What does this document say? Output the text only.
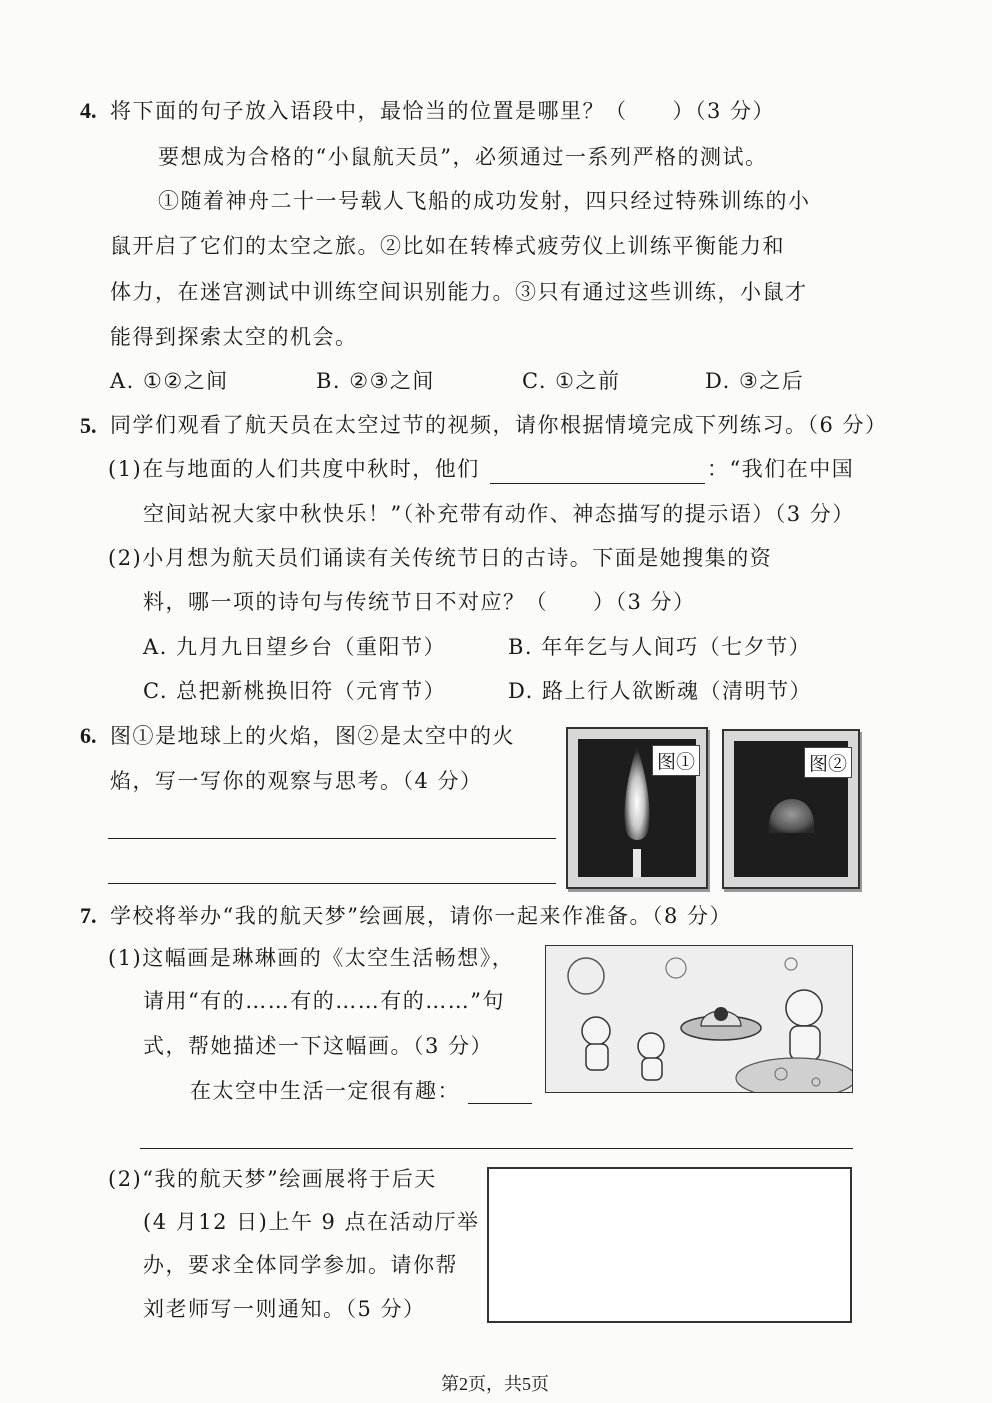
4. 将下面的句子放入语段中，最恰当的位置是哪里？（　　）（3 分）
要想成为合格的“小鼠航天员”，必须通过一系列严格的测试。
①随着神舟二十一号载人飞船的成功发射，四只经过特殊训练的小
鼠开启了它们的太空之旅。②比如在转棒式疲劳仪上训练平衡能力和
体力，在迷宫测试中训练空间识别能力。③只有通过这些训练，小鼠才
能得到探索太空的机会。
A. ①②之间	B. ②③之间	C. ①之前	D. ③之后
5. 同学们观看了航天员在太空过节的视频，请你根据情境完成下列练习。（6 分）
(1)在与地面的人们共度中秋时，他们	：“我们在中国
空间站祝大家中秋快乐！”（补充带有动作、神态描写的提示语）（3 分）
(2)小月想为航天员们诵读有关传统节日的古诗。下面是她搜集的资
料，哪一项的诗句与传统节日不对应？（　　）（3 分）
A. 九月九日望乡台（重阳节）	B. 年年乞与人间巧（七夕节）
C. 总把新桃换旧符（元宵节）	D. 路上行人欲断魂（清明节）
6. 图①是地球上的火焰，图②是太空中的火
焰，写一写你的观察与思考。（4 分）
图①	图②
7. 学校将举办“我的航天梦”绘画展，请你一起来作准备。（8 分）
(1)这幅画是琳琳画的《太空生活畅想》，
请用“有的……有的……有的……”句
式，帮她描述一下这幅画。（3 分）
在太空中生活一定很有趣：
(2)“我的航天梦”绘画展将于后天
(4 月12 日)上午 9 点在活动厅举
办，要求全体同学参加。请你帮
刘老师写一则通知。（5 分）
第2页，共5页
